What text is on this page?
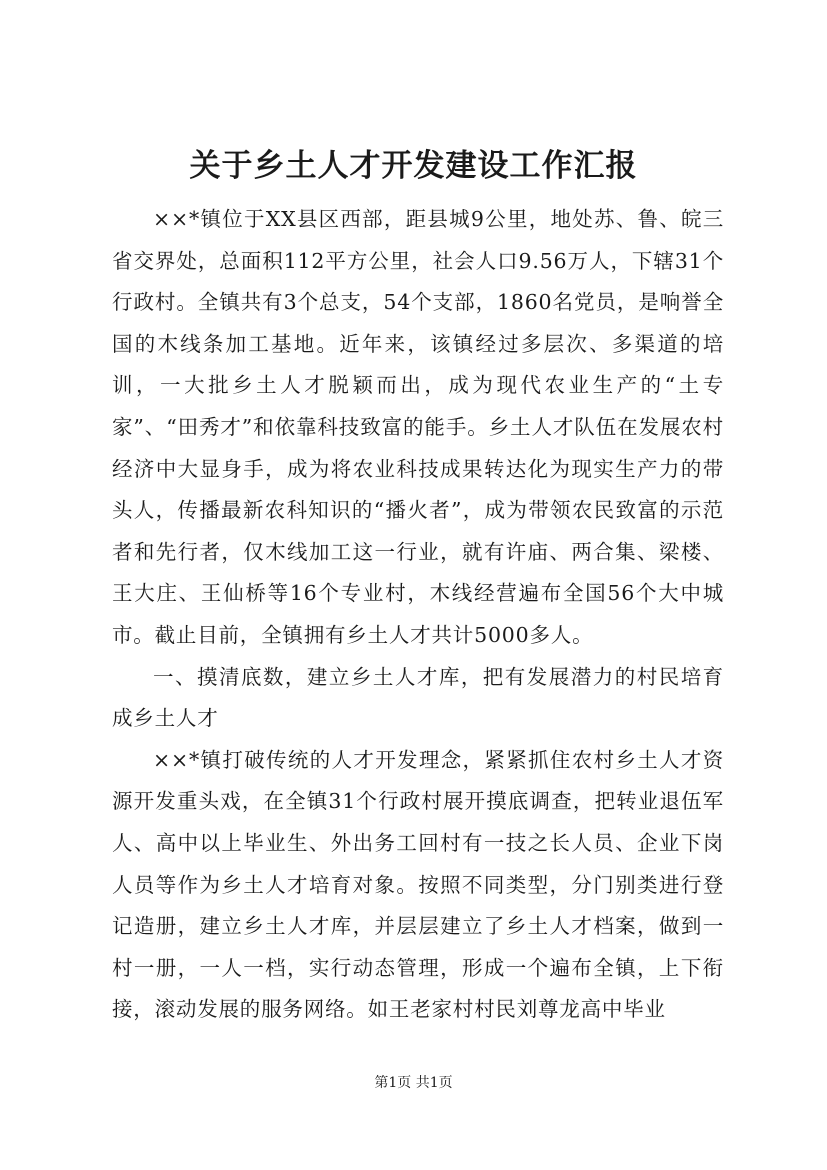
关于乡土人才开发建设工作汇报

××*镇位于XX县区西部，距县城9公里，地处苏、鲁、皖三省交界处，总面积112平方公里，社会人口9.56万人，下辖31个行政村。全镇共有3个总支，54个支部，1860名党员，是响誉全国的木线条加工基地。近年来，该镇经过多层次、多渠道的培训，一大批乡土人才脱颖而出，成为现代农业生产的“土专家”、“田秀才”和依靠科技致富的能手。乡土人才队伍在发展农村经济中大显身手，成为将农业科技成果转达化为现实生产力的带头人，传播最新农科知识的“播火者”，成为带领农民致富的示范者和先行者，仅木线加工这一行业，就有许庙、两合集、梁楼、王大庄、王仙桥等16个专业村，木线经营遍布全国56个大中城市。截止目前，全镇拥有乡土人才共计5000多人。

一、摸清底数，建立乡土人才库，把有发展潜力的村民培育成乡土人才

××*镇打破传统的人才开发理念，紧紧抓住农村乡土人才资源开发重头戏，在全镇31个行政村展开摸底调查，把转业退伍军人、高中以上毕业生、外出务工回村有一技之长人员、企业下岗人员等作为乡土人才培育对象。按照不同类型，分门别类进行登记造册，建立乡土人才库，并层层建立了乡土人才档案，做到一村一册，一人一档，实行动态管理，形成一个遍布全镇，上下衔接，滚动发展的服务网络。如王老家村村民刘尊龙高中毕业

第1页 共1页
